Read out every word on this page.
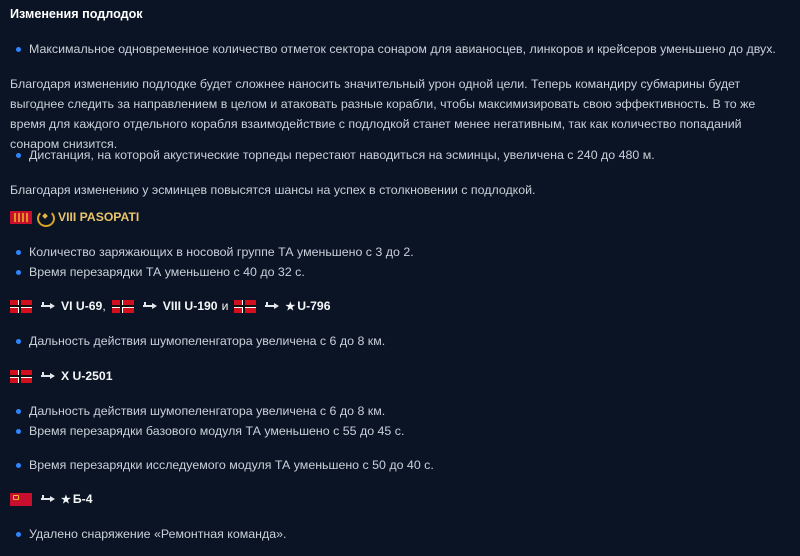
Изменения подлодок
Максимальное одновременное количество отметок сектора сонаром для авианосцев, линкоров и крейсеров уменьшено до двух.
Благодаря изменению подлодке будет сложнее наносить значительный урон одной цели. Теперь командиру субмарины будет выгоднее следить за направлением в целом и атаковать разные корабли, чтобы максимизировать свою эффективность. В то же время для каждого отдельного корабля взаимодействие с подлодкой станет менее негативным, так как количество попаданий сонаром снизится.
Дистанция, на которой акустические торпеды перестают наводиться на эсминцы, увеличена с 240 до 480 м.
Благодаря изменению у эсминцев повысятся шансы на успех в столкновении с подлодкой.
VIII PASOPATI
Количество заряжающих в носовой группе ТА уменьшено с 3 до 2.
Время перезарядки ТА уменьшено с 40 до 32 с.
VI U-69 ,	VIII U-190 и	★ U-796
Дальность действия шумопеленгатора увеличена с 6 до 8 км.
X U-2501
Дальность действия шумопеленгатора увеличена с 6 до 8 км.
Время перезарядки базового модуля ТА уменьшено с 55 до 45 с.
Время перезарядки исследуемого модуля ТА уменьшено с 50 до 40 с.
★ Б-4
Удалено снаряжение «Ремонтная команда».
